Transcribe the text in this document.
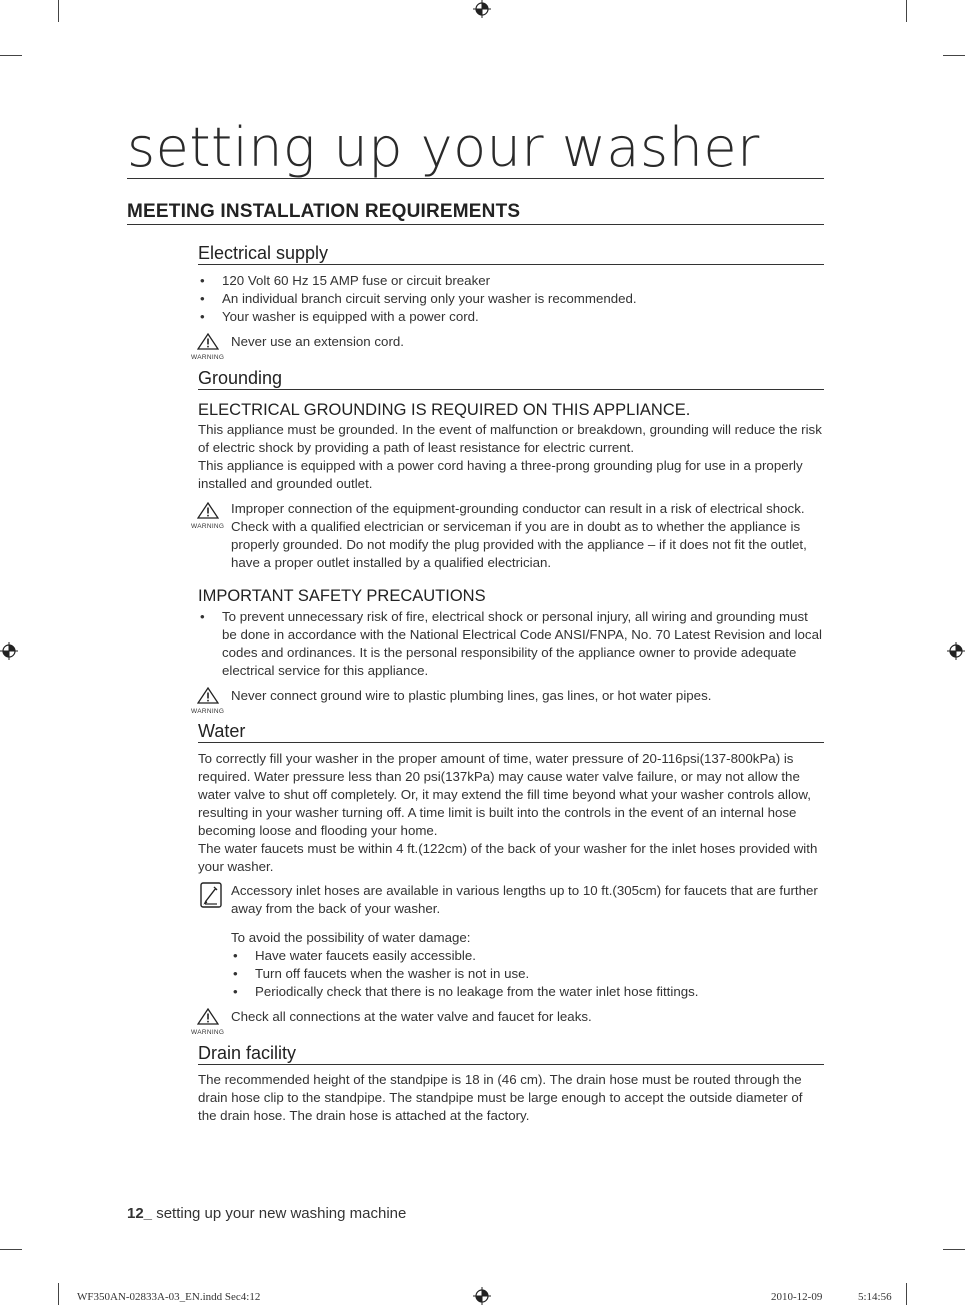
setting up your washer
MEETING INSTALLATION REQUIREMENTS
Electrical supply
• 120 Volt 60 Hz 15 AMP fuse or circuit breaker
• An individual branch circuit serving only your washer is recommended.
• Your washer is equipped with a power cord.
WARNING
Never use an extension cord.
Grounding
ELECTRICAL GROUNDING IS REQUIRED ON THIS APPLIANCE.

This appliance must be grounded. In the event of malfunction or breakdown, grounding will reduce the risk of electric shock by providing a path of least resistance for electric current.

This appliance is equipped with a power cord having a three-prong grounding plug for use in a properly installed and grounded outlet.

WARNING
Improper connection of the equipment-grounding conductor can result in a risk of electrical shock. Check with a qualified electrician or serviceman if you are in doubt as to whether the appliance is properly grounded. Do not modify the plug provided with the appliance – if it does not fit the outlet, have a proper outlet installed by a qualified electrician.
IMPORTANT SAFETY PRECAUTIONS
• To prevent unnecessary risk of fire, electrical shock or personal injury, all wiring and grounding must be done in accordance with the National Electrical Code ANSI/FNPA, No. 70 Latest Revision and local codes and ordinances. It is the personal responsibility of the appliance owner to provide adequate electrical service for this appliance.
WARNING
Never connect ground wire to plastic plumbing lines, gas lines, or hot water pipes.
Water

To correctly fill your washer in the proper amount of time, water pressure of 20-116psi(137-800kPa) is required. Water pressure less than 20 psi(137kPa) may cause water valve failure, or may not allow the water valve to shut off completely. Or, it may extend the fill time beyond what your washer controls allow, resulting in your washer turning off. A time limit is built into the controls in the event of an internal hose becoming loose and flooding your home.

The water faucets must be within 4 ft.(122cm) of the back of your washer for the inlet hoses provided with your washer.

Accessory inlet hoses are available in various lengths up to 10 ft.(305cm) for faucets that are further away from the back of your washer.
To avoid the possibility of water damage:
• Have water faucets easily accessible.
• Turn off faucets when the washer is not in use.
• Periodically check that there is no leakage from the water inlet hose fittings.
WARNING
Check all connections at the water valve and faucet for leaks.
Drain facility
The recommended height of the standpipe is 18 in (46 cm). The drain hose must be routed through the drain hose clip to the standpipe. The standpipe must be large enough to accept the outside diameter of the drain hose. The drain hose is attached at the factory.
12_ setting up your new washing machine
WF350AN-02833A-03_EN.indd Sec4:12	2010-12-09	5:14:56
